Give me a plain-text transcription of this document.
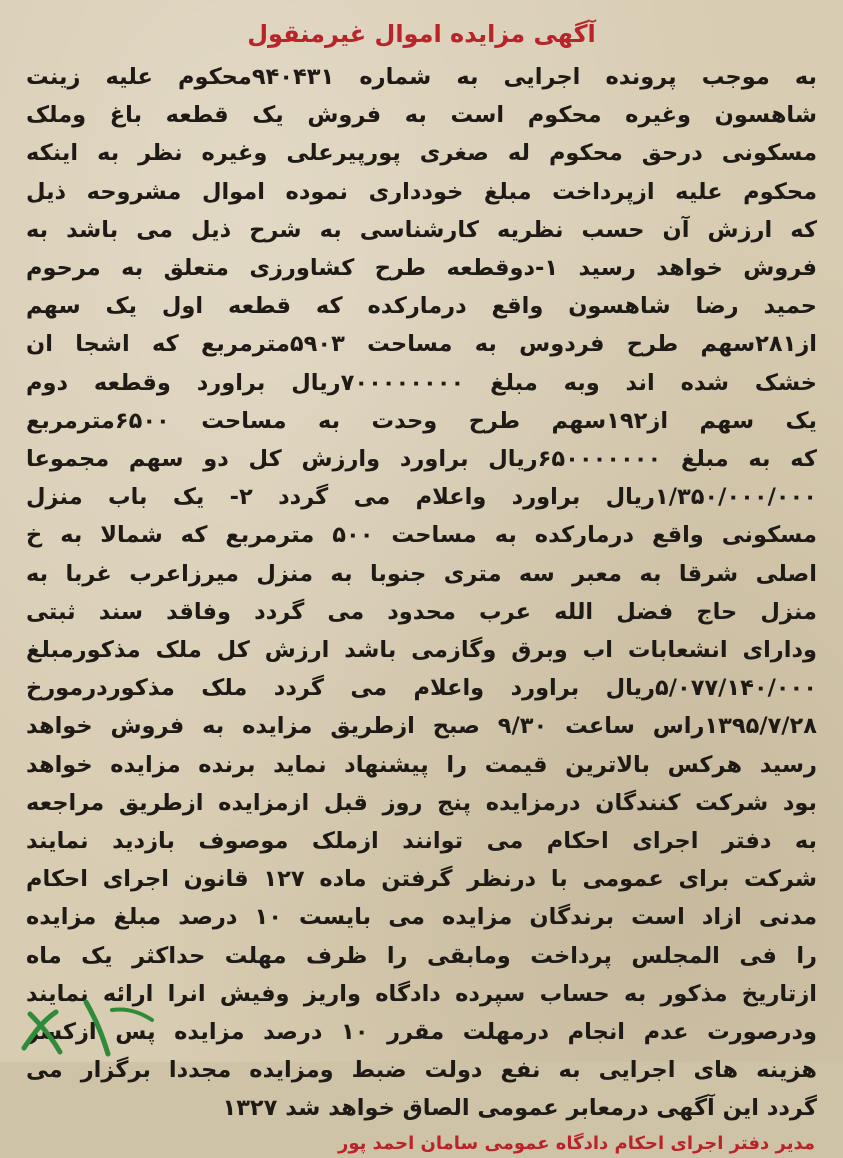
آگهی مزایده اموال غیرمنقول
به موجب پرونده اجرایی به شماره ۹۴۰۴۳۱محکوم علیه زینت
شاهسون وغیره محکوم است به فروش یک قطعه باغ وملک
مسکونی درحق محکوم له صغری پورپیرعلی وغیره نظر به اینکه
محکوم علیه ازپرداخت مبلغ خودداری نموده اموال مشروحه ذیل
که ارزش آن حسب نظریه کارشناسی به شرح ذیل می باشد به
فروش خواهد رسید ۱-دوقطعه طرح کشاورزی متعلق به مرحوم
حمید رضا شاهسون واقع درمارکده که قطعه اول یک سهم
از۲۸۱سهم طرح فردوس به مساحت ۵۹۰۳مترمربع که اشجا ان
خشک شده اند وبه مبلغ ۷۰۰۰۰۰۰۰۰ریال براورد وقطعه دوم
یک سهم از۱۹۲سهم طرح وحدت به مساحت ۶۵۰۰مترمربع
که به مبلغ ۶۵۰۰۰۰۰۰۰ریال براورد وارزش کل دو سهم مجموعا
۱/۳۵۰/۰۰۰/۰۰۰ریال براورد واعلام می گردد ۲- یک باب منزل
مسکونی واقع درمارکده به مساحت ۵۰۰ مترمربع که شمالا به خ
اصلی شرقا به معبر سه متری جنوبا به منزل میرزاعرب غربا به
منزل حاج فضل الله عرب محدود می گردد وفاقد سند ثبتی
ودارای انشعابات اب وبرق وگازمی باشد ارزش کل ملک مذکورمبلغ
۵/۰۷۷/۱۴۰/۰۰۰ریال براورد واعلام می گردد ملک مذکوردرمورخ
۱۳۹۵/۷/۲۸راس ساعت ۹/۳۰ صبح ازطریق مزایده به فروش خواهد
رسید هرکس بالاترین قیمت را پیشنهاد نماید برنده مزایده خواهد
بود شرکت کنندگان درمزایده پنج روز قبل ازمزایده ازطریق مراجعه
به دفتر اجرای احکام می توانند ازملک موصوف بازدید نمایند
شرکت برای عمومی با درنظر گرفتن ماده ۱۲۷ قانون اجرای احکام
مدنی ازاد است برندگان مزایده می بایست ۱۰ درصد مبلغ مزایده
را فی المجلس پرداخت ومابقی را ظرف مهلت حداکثر یک ماه
ازتاریخ مذکور به حساب سپرده دادگاه واریز وفیش انرا ارائه نمایند
ودرصورت عدم انجام درمهلت مقرر ۱۰ درصد مزایده پس ازکسر
هزینه های اجرایی به نفع دولت ضبط ومزایده مجددا برگزار می
گردد این آگهی درمعابر عمومی الصاق خواهد شد ۱۳۲۷
مدیر دفتر اجرای احکام دادگاه عمومی سامان احمد پور
